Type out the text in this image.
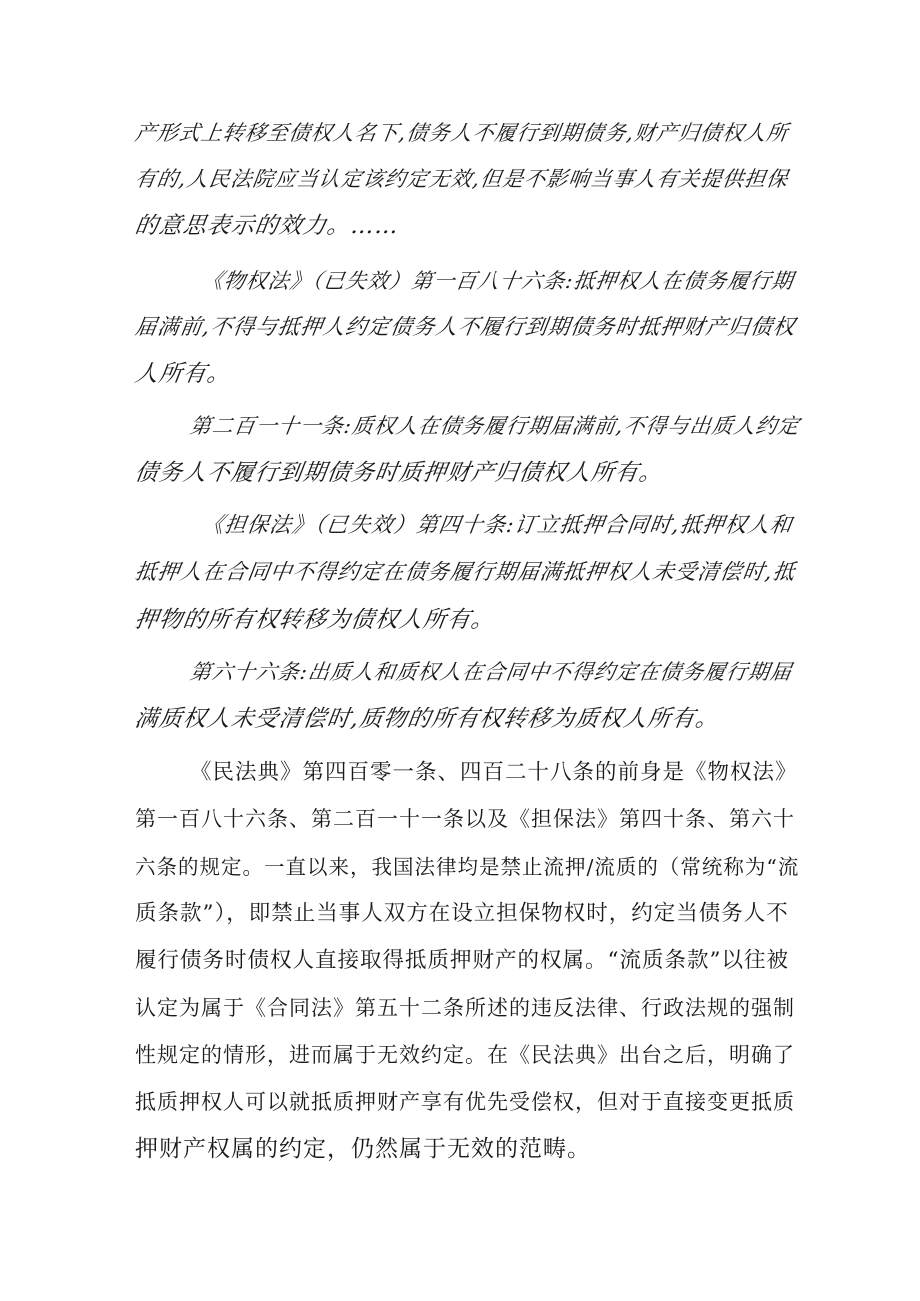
产形式上转移至债权人名下,债务人不履行到期债务,财产归债权人所
有的,人民法院应当认定该约定无效,但是不影响当事人有关提供担保
的意思表示的效力。……
《物权法》（已失效）第一百八十六条:抵押权人在债务履行期
届满前,不得与抵押人约定债务人不履行到期债务时抵押财产归债权
人所有。
第二百一十一条:质权人在债务履行期届满前,不得与出质人约定
债务人不履行到期债务时质押财产归债权人所有。
《担保法》（已失效）第四十条:订立抵押合同时,抵押权人和
抵押人在合同中不得约定在债务履行期届满抵押权人未受清偿时,抵
押物的所有权转移为债权人所有。
第六十六条:出质人和质权人在合同中不得约定在债务履行期届
满质权人未受清偿时,质物的所有权转移为质权人所有。
《民法典》第四百零一条、四百二十八条的前身是《物权法》
第一百八十六条、第二百一十一条以及《担保法》第四十条、第六十
六条的规定。一直以来，我国法律均是禁止流押/流质的（常统称为“流
质条款”），即禁止当事人双方在设立担保物权时，约定当债务人不
履行债务时债权人直接取得抵质押财产的权属。“流质条款”以往被
认定为属于《合同法》第五十二条所述的违反法律、行政法规的强制
性规定的情形，进而属于无效约定。在《民法典》出台之后，明确了
抵质押权人可以就抵质押财产享有优先受偿权，但对于直接变更抵质
押财产权属的约定，仍然属于无效的范畴。
